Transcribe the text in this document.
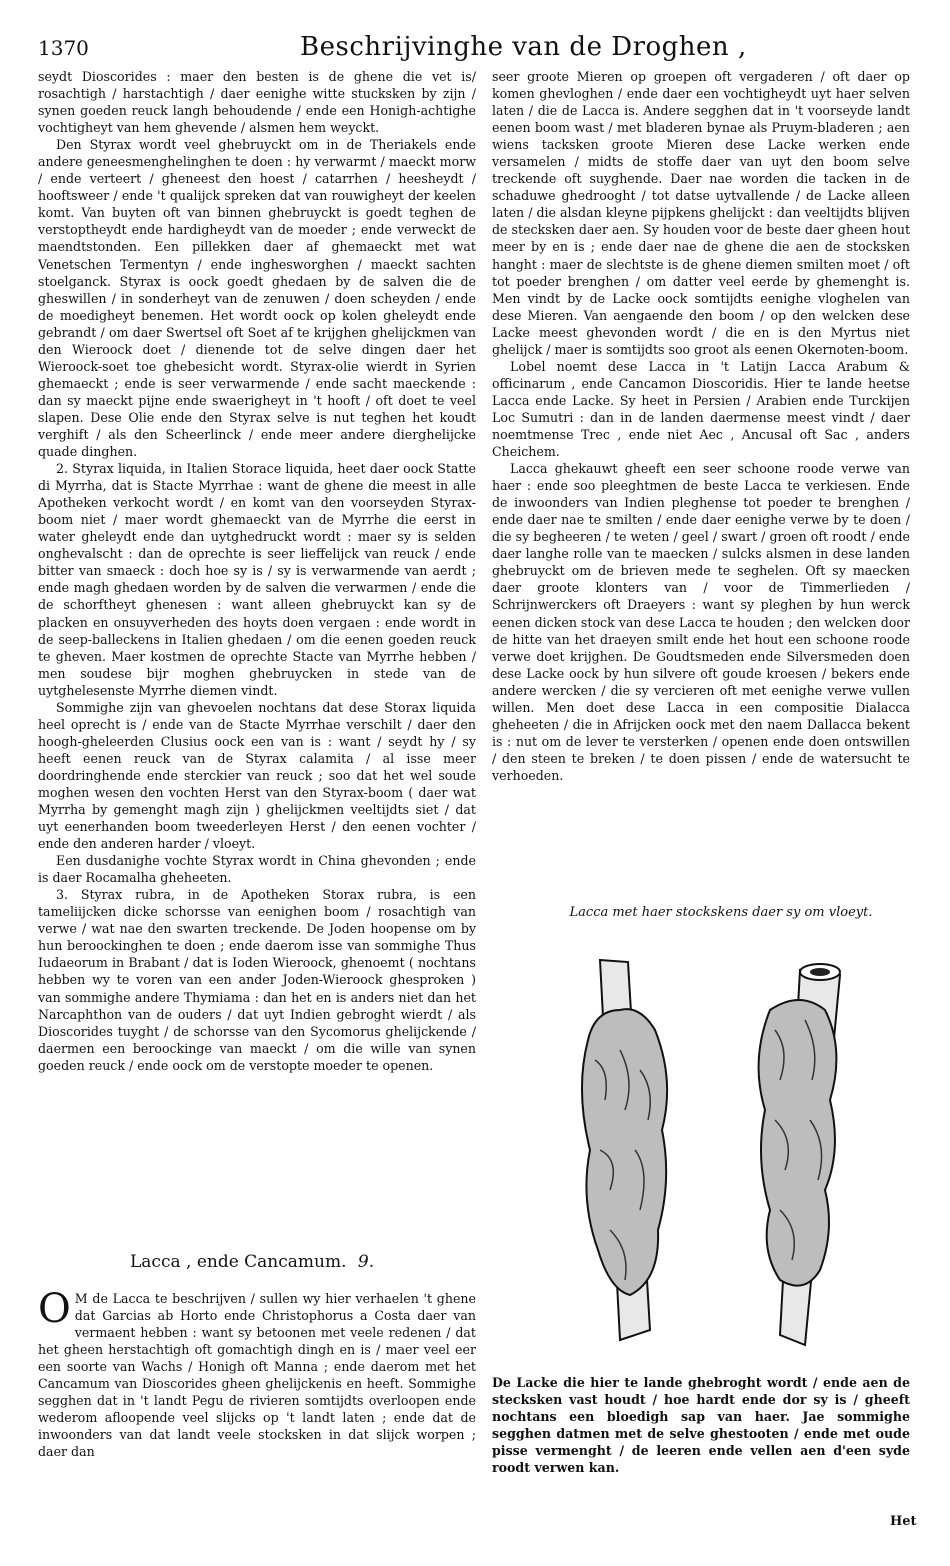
1370	Beschrijvinghe van de Droghen ,

seydt Dioscorides : maer den besten is de ghene die vet is/ rosachtigh / harstachtigh / daer eenighe witte stucksken by zijn / synen goeden reuck langh behoudende / ende een Honigh-achtighe vochtigheyt van hem ghevende / alsmen hem weyckt.

Den Styrax wordt veel ghebruyckt om in de Theriakels ende andere geneesmenghelinghen te doen : hy verwarmt / maeckt morw / ende verteert / gheneest den hoest / catarrhen / heesheydt / hooftsweer / ende 't qualijck spreken dat van rouwigheyt der keelen komt. Van buyten oft van binnen ghebruyckt is goedt teghen de verstoptheydt ende hardigheydt van de moeder ; ende verweckt de maendtstonden. Een pillekken daer af ghemaeckt met wat Venetschen Termentyn / ende inghesworghen / maeckt sachten stoelganck. Styrax is oock goedt ghedaen by de salven die de gheswillen / in sonderheyt van de zenuwen / doen scheyden / ende de moedigheyt benemen. Het wordt oock op kolen gheleydt ende gebrandt / om daer Swertsel oft Soet af te krijghen ghelijckmen van den Wieroock doet / dienende tot de selve dingen daer het Wieroock-soet toe ghebesicht wordt. Styrax-olie wierdt in Syrien ghemaeckt ; ende is seer verwarmende / ende sacht maeckende : dan sy maeckt pijne ende swaerigheyt in 't hooft / oft doet te veel slapen. Dese Olie ende den Styrax selve is nut teghen het koudt verghift / als den Scheerlinck / ende meer andere dierghelijcke quade dinghen.

2. Styrax liquida, in Italien Storace liquida, heet daer oock Statte di Myrrha, dat is Stacte Myrrhae : want de ghene die meest in alle Apotheken verkocht wordt / en komt van den voorseyden Styrax-boom niet / maer wordt ghemaeckt van de Myrrhe die eerst in water gheleydt ende dan uytghedruckt wordt : maer sy is selden onghevalscht : dan de oprechte is seer lieffelijck van reuck / ende bitter van smaeck : doch hoe sy is / sy is verwarmende van aerdt ; ende magh ghedaen worden by de salven die verwarmen / ende die de schorftheyt ghenesen : want alleen ghebruyckt kan sy de placken en onsuyverheden des hoyts doen vergaen : ende wordt in de seep-balleckens in Italien ghedaen / om die eenen goeden reuck te gheven. Maer kostmen de oprechte Stacte van Myrrhe hebben / men soudese bijr moghen ghebruycken in stede van de uytghelesenste Myrrhe diemen vindt.

Sommighe zijn van ghevoelen nochtans dat dese Storax liquida heel oprecht is / ende van de Stacte Myrrhae verschilt / daer den hoogh-gheleerden Clusius oock een van is : want / seydt hy / sy heeft eenen reuck van de Styrax calamita / al isse meer doordringhende ende sterckier van reuck ; soo dat het wel soude moghen wesen den vochten Herst van den Styrax-boom ( daer wat Myrrha by gemenght magh zijn ) ghelijckmen veeltijdts siet / dat uyt eenerhanden boom tweederleyen Herst / den eenen vochter / ende den anderen harder / vloeyt.

Een dusdanighe vochte Styrax wordt in China ghevonden ; ende is daer Rocamalha gheheeten.

3. Styrax rubra, in de Apotheken Storax rubra, is een tameliijcken dicke schorsse van eenighen boom / rosachtigh van verwe / wat nae den swarten treckende. De Joden hoopense om by hun beroockinghen te doen ; ende daerom isse van sommighe Thus Iudaeorum in Brabant / dat is Ioden Wieroock, ghenoemt ( nochtans hebben wy te voren van een ander Joden-Wieroock ghesproken ) van sommighe andere Thymiama : dan het en is anders niet dan het Narcaphthon van de ouders / dat uyt Indien gebroght wierdt / als Dioscorides tuyght / de schorsse van den Sycomorus ghelijckende / daermen een beroockinge van maeckt / om die wille van synen goeden reuck / ende oock om de verstopte moeder te openen.

Lacca , ende Cancamum. 9.
O M de Lacca te beschrijven / sullen wy hier verhaelen 't ghene dat Garcias ab Horto ende Christophorus a Costa daer van vermaent hebben : want sy betoonen met veele redenen / dat het gheen herstachtigh oft gomachtigh dingh en is / maer veel eer een soorte van Wachs / Honigh oft Manna ; ende daerom met het Cancamum van Dioscorides gheen ghelijckenis en heeft. Sommighe segghen dat in 't landt Pegu de rivieren somtijdts overloopen ende wederom afloopende veel slijcks op 't landt laten ; ende dat de inwoonders van dat landt veele stocksken in dat slijck worpen ; daer dan

seer groote Mieren op groepen oft vergaderen / oft daer op komen ghevloghen / ende daer een vochtigheydt uyt haer selven laten / die de Lacca is. Andere segghen dat in 't voorseyde landt eenen boom wast / met bladeren bynae als Pruym-bladeren ; aen wiens tacksken groote Mieren dese Lacke werken ende versamelen / midts de stoffe daer van uyt den boom selve treckende oft suyghende. Daer nae worden die tacken in de schaduwe ghedrooght / tot datse uytvallende / de Lacke alleen laten / die alsdan kleyne pijpkens ghelijckt : dan veeltijdts blijven de stecksken daer aen. Sy houden voor de beste daer gheen hout meer by en is ; ende daer nae de ghene die aen de stocksken hanght : maer de slechtste is de ghene diemen smilten moet / oft tot poeder brenghen / om datter veel eerde by ghemenght is. Men vindt by de Lacke oock somtijdts eenighe vloghelen van dese Mieren. Van aengaende den boom / op den welcken dese Lacke meest ghevonden wordt / die en is den Myrtus niet ghelijck / maer is somtijdts soo groot als eenen Okernoten-boom.

Lobel noemt dese Lacca in 't Latijn Lacca Arabum & officinarum , ende Cancamon Dioscoridis. Hier te lande heetse Lacca ende Lacke. Sy heet in Persien / Arabien ende Turckijen Loc Sumutri : dan in de landen daermense meest vindt / daer noemtmense Trec , ende niet Aec , Ancusal oft Sac , anders Cheichem.

Lacca ghekauwt gheeft een seer schoone roode verwe van haer : ende soo pleeghtmen de beste Lacca te verkiesen. Ende de inwoonders van Indien pleghense tot poeder te brenghen / ende daer nae te smilten / ende daer eenighe verwe by te doen / die sy begheeren / te weten / geel / swart / groen oft roodt / ende daer langhe rolle van te maecken / sulcks alsmen in dese landen ghebruyckt om de brieven mede te seghelen. Oft sy maecken daer groote klonters van / voor de Timmerlieden / Schrijnwerckers oft Draeyers : want sy pleghen by hun werck eenen dicken stock van dese Lacca te houden ; den welcken door de hitte van het draeyen smilt ende het hout een schoone roode verwe doet krijghen. De Goudtsmeden ende Silversmeden doen dese Lacke oock by hun silvere oft goude kroesen / bekers ende andere wercken / die sy vercieren oft met eenighe verwe vullen willen. Men doet dese Lacca in een compositie Dialacca gheheeten / die in Afrijcken oock met den naem Dallacca bekent is : nut om de lever te versterken / openen ende doen ontswillen / den steen te breken / te doen pissen / ende de watersucht te verhoeden.

Lacca met haer stockskens daer sy om vloeyt.
De Lacke die hier te lande ghebroght wordt / ende aen de stecksken vast houdt / hoe hardt ende dor sy is / gheeft nochtans een bloedigh sap van haer. Jae sommighe segghen datmen met de selve ghestooten / ende met oude pisse vermenght / de leeren ende vellen aen d'een syde roodt verwen kan.
Het
